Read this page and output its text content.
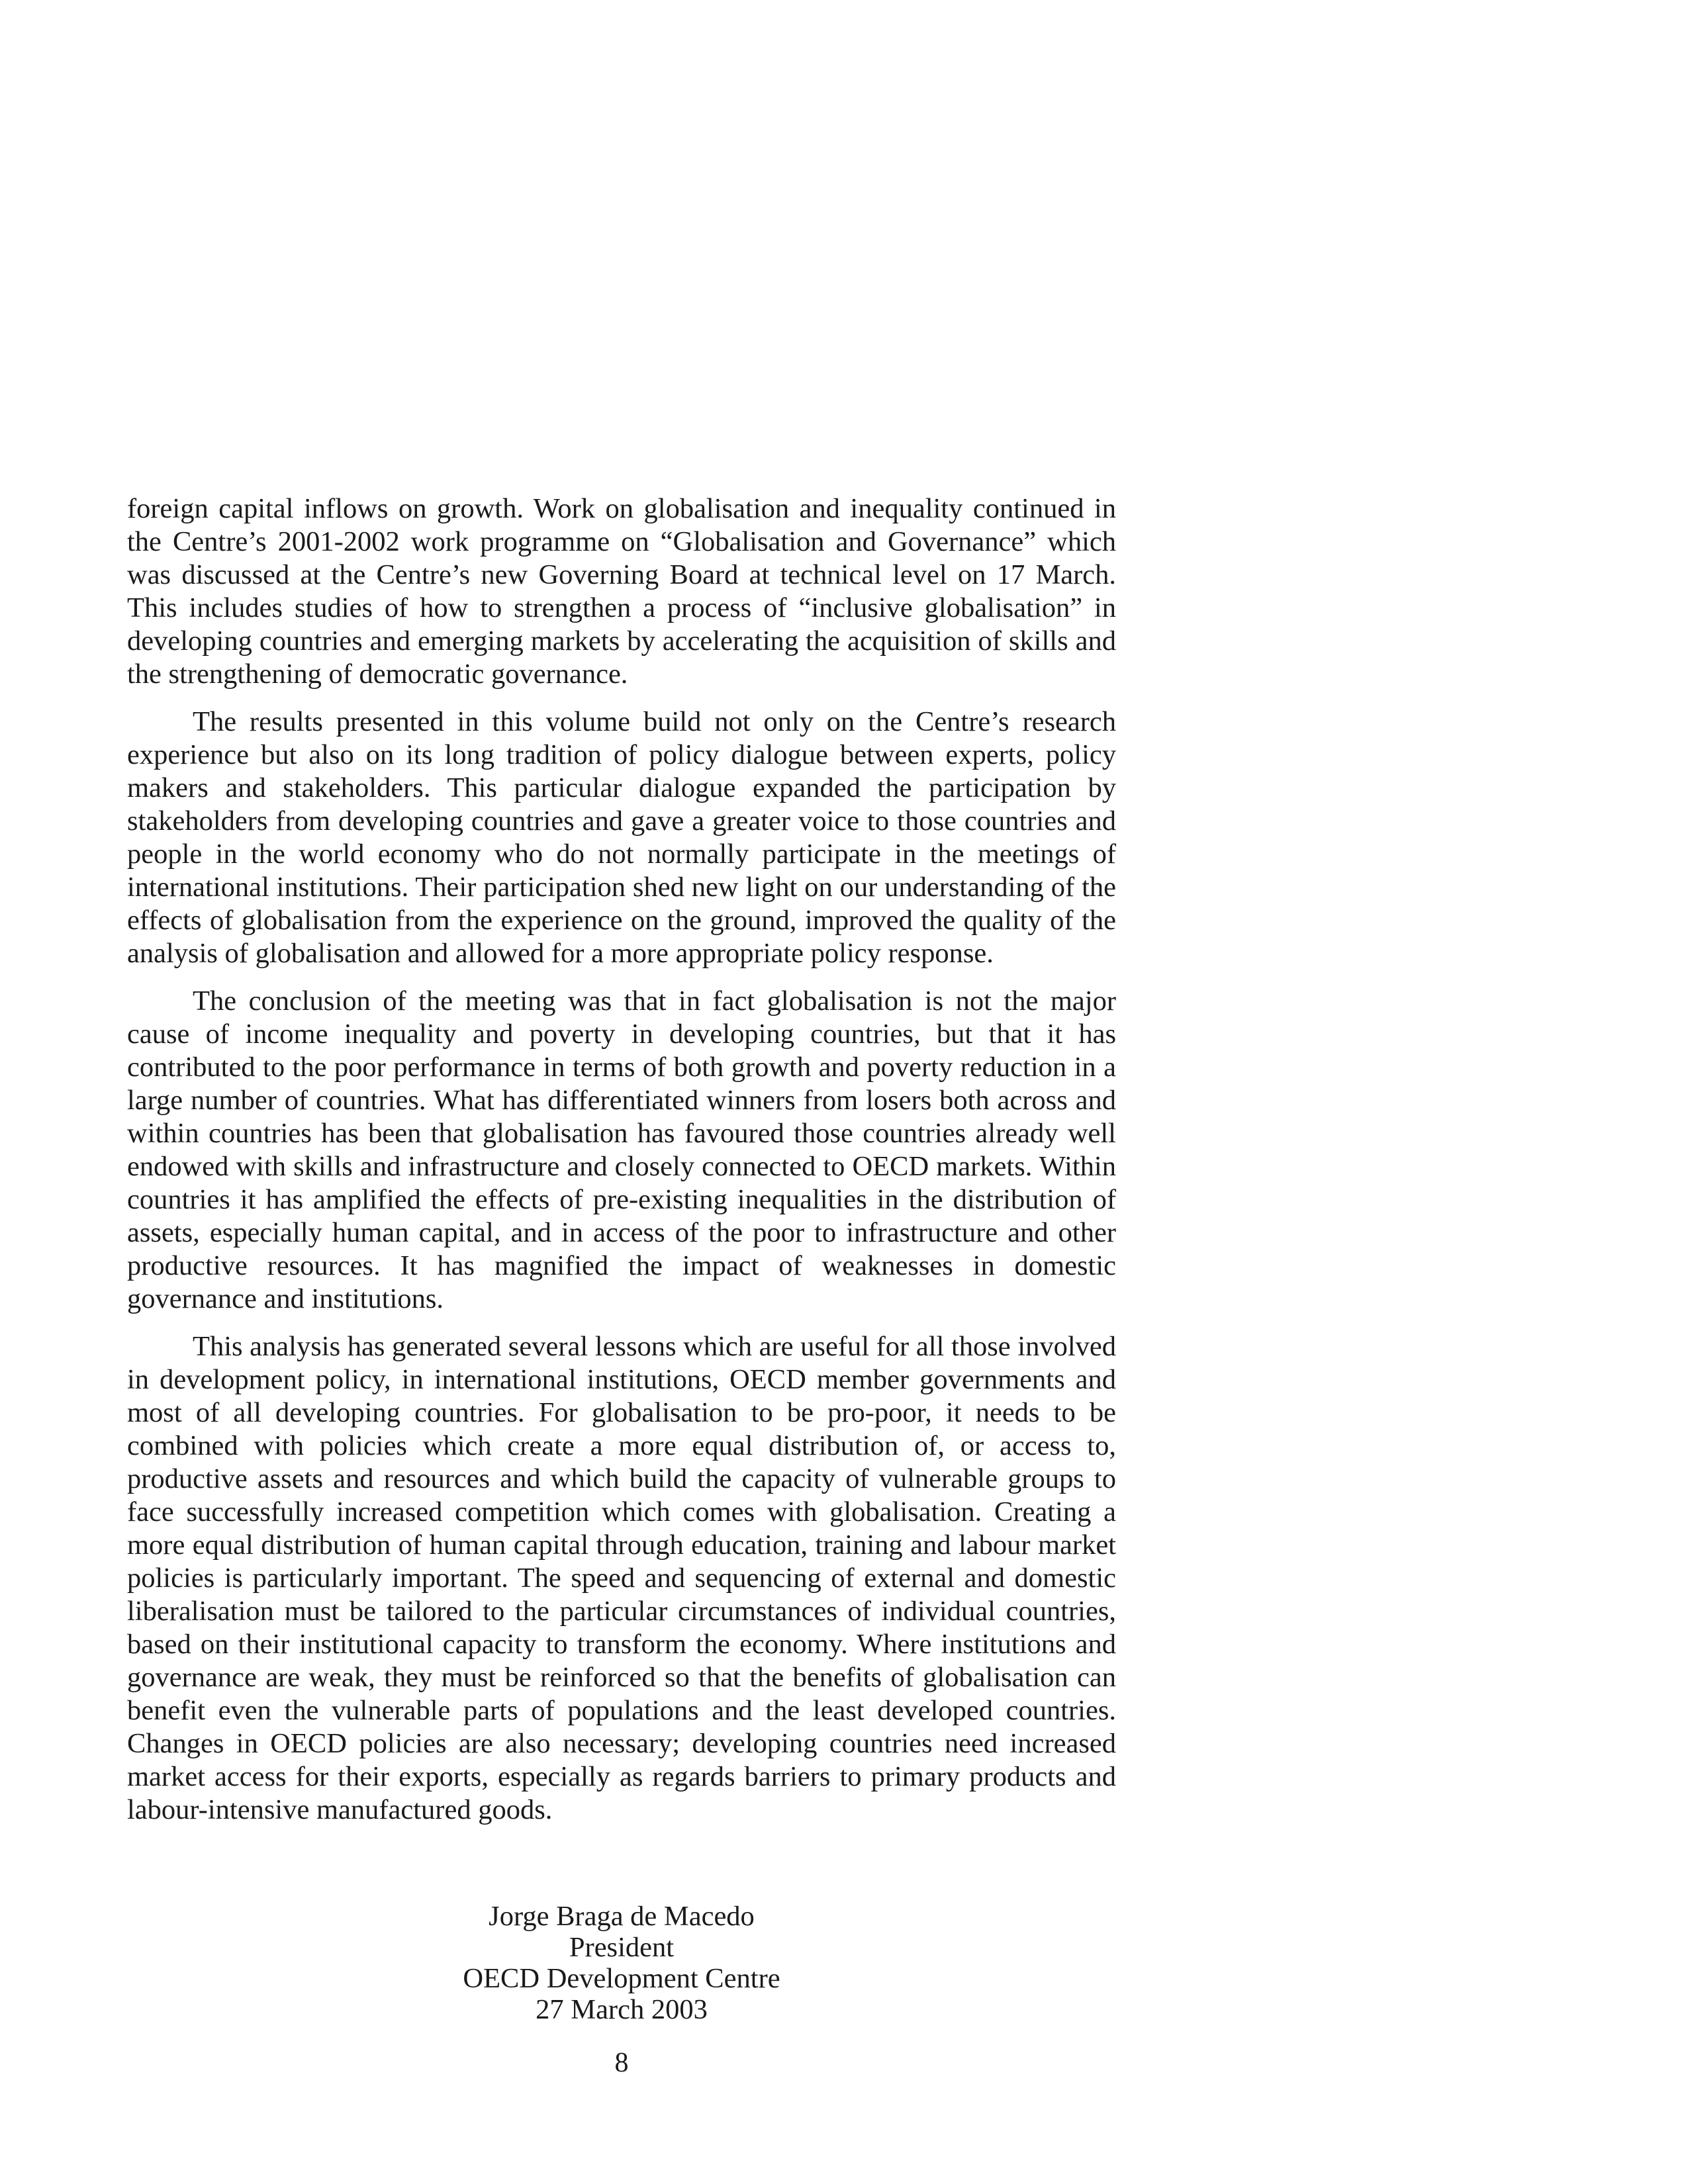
foreign capital inflows on growth. Work on globalisation and inequality continued in the Centre’s 2001-2002 work programme on “Globalisation and Governance” which was discussed at the Centre’s new Governing Board at technical level on 17 March. This includes studies of how to strengthen a process of “inclusive globalisation” in developing countries and emerging markets by accelerating the acquisition of skills and the strengthening of democratic governance.

The results presented in this volume build not only on the Centre’s research experience but also on its long tradition of policy dialogue between experts, policy makers and stakeholders. This particular dialogue expanded the participation by stakeholders from developing countries and gave a greater voice to those countries and people in the world economy who do not normally participate in the meetings of international institutions. Their participation shed new light on our understanding of the effects of globalisation from the experience on the ground, improved the quality of the analysis of globalisation and allowed for a more appropriate policy response.

The conclusion of the meeting was that in fact globalisation is not the major cause of income inequality and poverty in developing countries, but that it has contributed to the poor performance in terms of both growth and poverty reduction in a large number of countries. What has differentiated winners from losers both across and within countries has been that globalisation has favoured those countries already well endowed with skills and infrastructure and closely connected to OECD markets. Within countries it has amplified the effects of pre-existing inequalities in the distribution of assets, especially human capital, and in access of the poor to infrastructure and other productive resources. It has magnified the impact of weaknesses in domestic governance and institutions.

This analysis has generated several lessons which are useful for all those involved in development policy, in international institutions, OECD member governments and most of all developing countries. For globalisation to be pro-poor, it needs to be combined with policies which create a more equal distribution of, or access to, productive assets and resources and which build the capacity of vulnerable groups to face successfully increased competition which comes with globalisation. Creating a more equal distribution of human capital through education, training and labour market policies is particularly important. The speed and sequencing of external and domestic liberalisation must be tailored to the particular circumstances of individual countries, based on their institutional capacity to transform the economy. Where institutions and governance are weak, they must be reinforced so that the benefits of globalisation can benefit even the vulnerable parts of populations and the least developed countries. Changes in OECD policies are also necessary; developing countries need increased market access for their exports, especially as regards barriers to primary products and labour-intensive manufactured goods.

Jorge Braga de Macedo
President
OECD Development Centre
27 March 2003
8
